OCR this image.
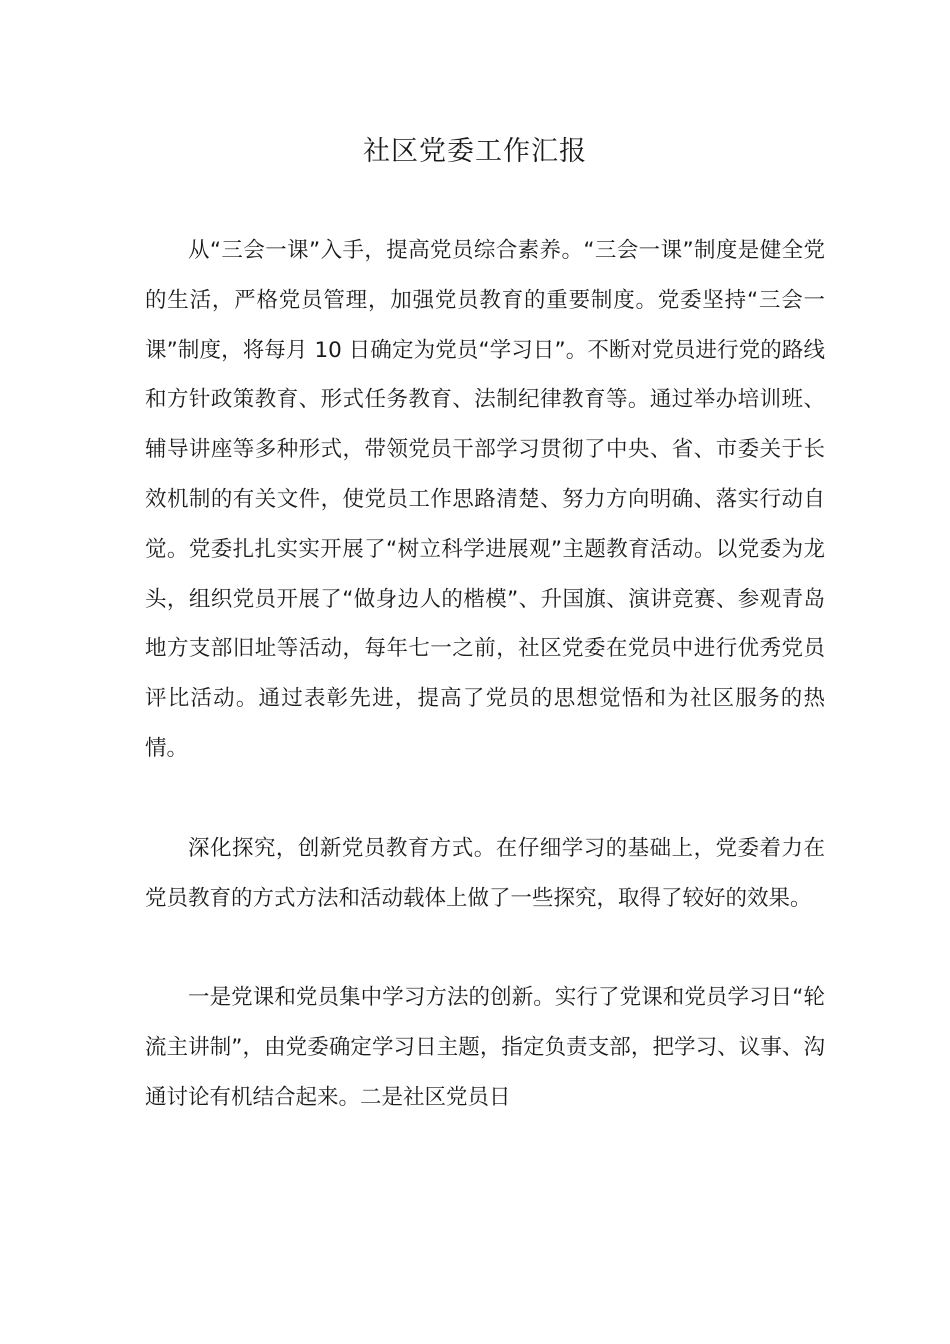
社区党委工作汇报

从“三会一课”入手，提高党员综合素养。“三会一课”制度是健全党的生活，严格党员管理，加强党员教育的重要制度。党委坚持“三会一课”制度，将每月 10 日确定为党员“学习日”。不断对党员进行党的路线和方针政策教育、形式任务教育、法制纪律教育等。通过举办培训班、辅导讲座等多种形式，带领党员干部学习贯彻了中央、省、市委关于长效机制的有关文件，使党员工作思路清楚、努力方向明确、落实行动自觉。党委扎扎实实开展了“树立科学进展观”主题教育活动。以党委为龙头，组织党员开展了“做身边人的楷模”、升国旗、演讲竞赛、参观青岛地方支部旧址等活动，每年七一之前，社区党委在党员中进行优秀党员评比活动。通过表彰先进，提高了党员的思想觉悟和为社区服务的热情。

深化探究，创新党员教育方式。在仔细学习的基础上，党委着力在党员教育的方式方法和活动载体上做了一些探究，取得了较好的效果。

一是党课和党员集中学习方法的创新。实行了党课和党员学习日“轮流主讲制”，由党委确定学习日主题，指定负责支部，把学习、议事、沟通讨论有机结合起来。二是社区党员日
